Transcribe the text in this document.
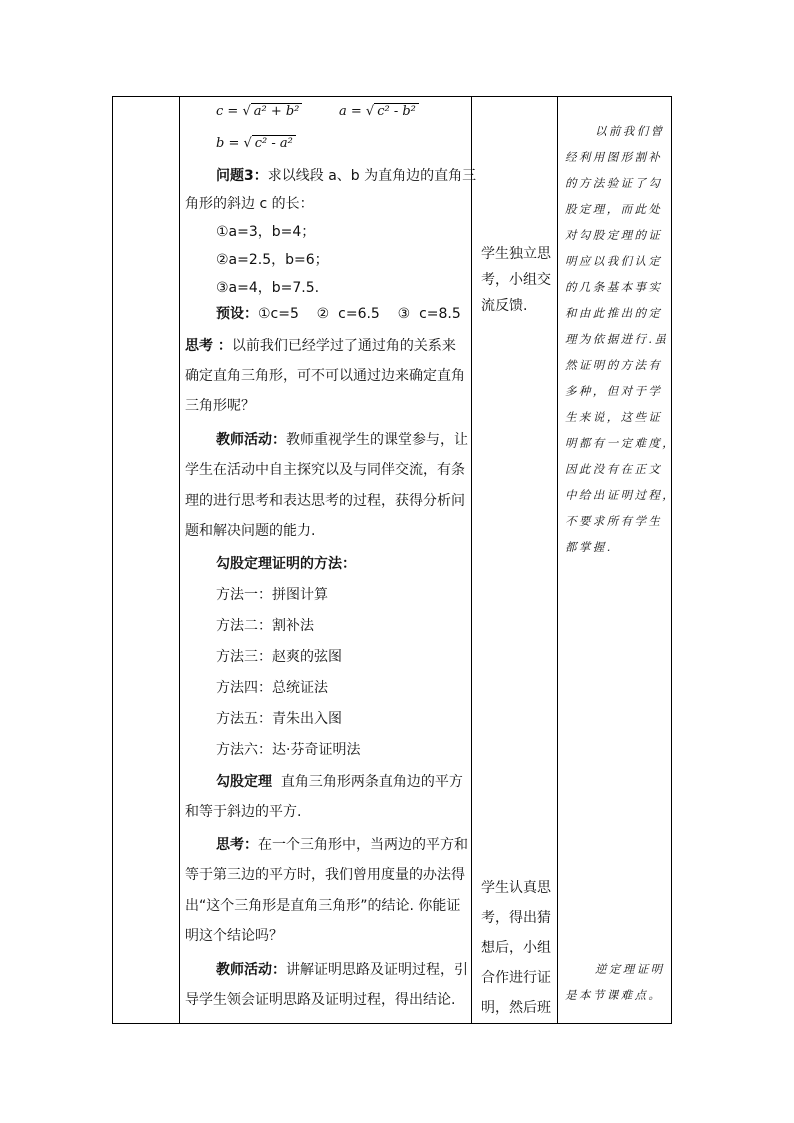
c = √ a² + b²	a = √ c² - b²
b = √ c² - a²
问题3：求以线段 a、b 为直角边的直角三
角形的斜边 c 的长：
①a=3，b=4；
②a=2.5，b=6；
③a=4，b=7.5.
预设：①c=5    ②  c=6.5    ③  c=8.5
思考 ：以前我们已经学过了通过角的关系来
确定直角三角形，可不可以通过边来确定直角
三角形呢？
教师活动：教师重视学生的课堂参与，让
学生在活动中自主探究以及与同伴交流，有条
理的进行思考和表达思考的过程，获得分析问
题和解决问题的能力.
勾股定理证明的方法：
方法一：拼图计算
方法二：割补法
方法三：赵爽的弦图
方法四：总统证法
方法五：青朱出入图
方法六：达·芬奇证明法
勾股定理 直角三角形两条直角边的平方
和等于斜边的平方.
思考：在一个三角形中，当两边的平方和
等于第三边的平方时，我们曾用度量的办法得
出“这个三角形是直角三角形”的结论. 你能证
明这个结论吗？
教师活动：讲解证明思路及证明过程，引
导学生领会证明思路及证明过程，得出结论.
学生独立思
考，小组交
流反馈.
学生认真思
考，得出猜
想后，小组
合作进行证
明，然后班
以前我们曾
经利用图形割补
的方法验证了勾
股定理，而此处
对勾股定理的证
明应以我们认定
的几条基本事实
和由此推出的定
理为依据进行.虽
然证明的方法有
多种，但对于学
生来说，这些证
明都有一定难度，
因此没有在正文
中给出证明过程，
不要求所有学生
都掌握.
逆定理证明
是本节课难点。
